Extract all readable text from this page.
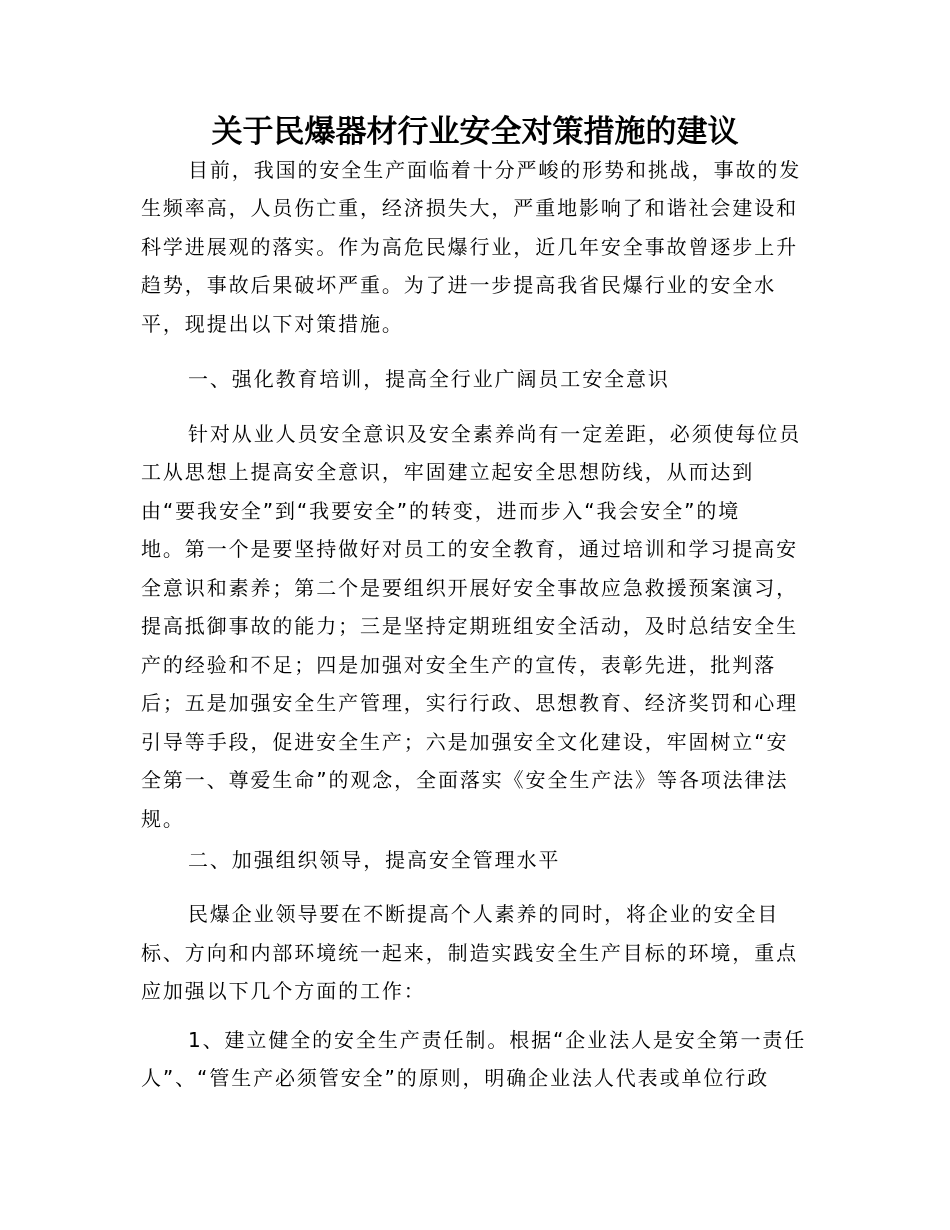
关于民爆器材行业安全对策措施的建议
目前，我国的安全生产面临着十分严峻的形势和挑战，事故的发
生频率高，人员伤亡重，经济损失大，严重地影响了和谐社会建设和
科学进展观的落实。作为高危民爆行业，近几年安全事故曾逐步上升
趋势，事故后果破坏严重。为了进一步提高我省民爆行业的安全水
平，现提出以下对策措施。
一、强化教育培训，提高全行业广阔员工安全意识
针对从业人员安全意识及安全素养尚有一定差距，必须使每位员
工从思想上提高安全意识，牢固建立起安全思想防线，从而达到
由“要我安全”到“我要安全”的转变，进而步入“我会安全”的境
地。第一个是要坚持做好对员工的安全教育，通过培训和学习提高安
全意识和素养；第二个是要组织开展好安全事故应急救援预案演习，
提高抵御事故的能力；三是坚持定期班组安全活动，及时总结安全生
产的经验和不足；四是加强对安全生产的宣传，表彰先进，批判落
后；五是加强安全生产管理，实行行政、思想教育、经济奖罚和心理
引导等手段，促进安全生产；六是加强安全文化建设，牢固树立“安
全第一、尊爱生命”的观念，全面落实《安全生产法》等各项法律法
规。
二、加强组织领导，提高安全管理水平
民爆企业领导要在不断提高个人素养的同时，将企业的安全目
标、方向和内部环境统一起来，制造实践安全生产目标的环境，重点
应加强以下几个方面的工作：
1、建立健全的安全生产责任制。根据“企业法人是安全第一责任
人”、“管生产必须管安全”的原则，明确企业法人代表或单位行政
